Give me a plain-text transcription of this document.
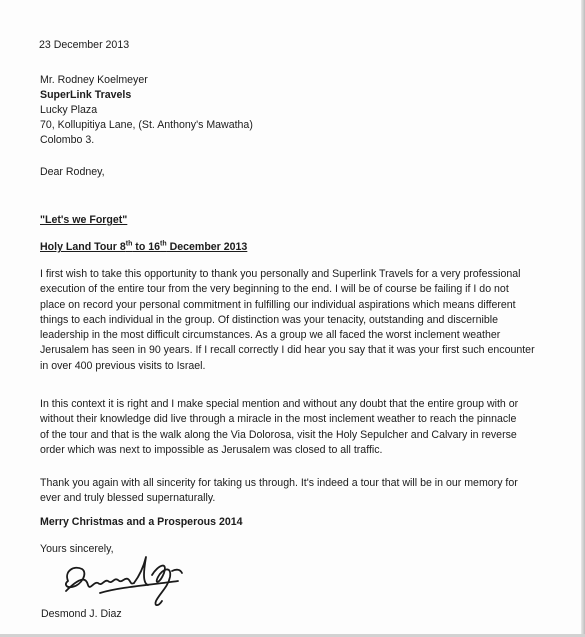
23 December 2013
Mr. Rodney Koelmeyer
SuperLink Travels
Lucky Plaza
70, Kollupitiya Lane, (St. Anthony's Mawatha)
Colombo 3.
Dear Rodney,
"Let's we Forget"
Holy Land Tour 8th to 16th December 2013
I first wish to take this opportunity to thank you personally and Superlink Travels for a very professional
execution of the entire tour from the very beginning to the end. I will be of course be failing if I do not
place on record your personal commitment in fulfilling our individual aspirations which means different
things to each individual in the group. Of distinction was your tenacity, outstanding and discernible
leadership in the most difficult circumstances. As a group we all faced the worst inclement weather
Jerusalem has seen in 90 years. If I recall correctly I did hear you say that it was your first such encounter
in over 400 previous visits to Israel.
In this context it is right and I make special mention and without any doubt that the entire group with or
without their knowledge did live through a miracle in the most inclement weather to reach the pinnacle
of the tour and that is the walk along the Via Dolorosa, visit the Holy Sepulcher and Calvary in reverse
order which was next to impossible as Jerusalem was closed to all traffic.
Thank you again with all sincerity for taking us through. It's indeed a tour that will be in our memory for
ever and truly blessed supernaturally.
Merry Christmas and a Prosperous 2014
Yours sincerely,
Desmond J. Diaz
